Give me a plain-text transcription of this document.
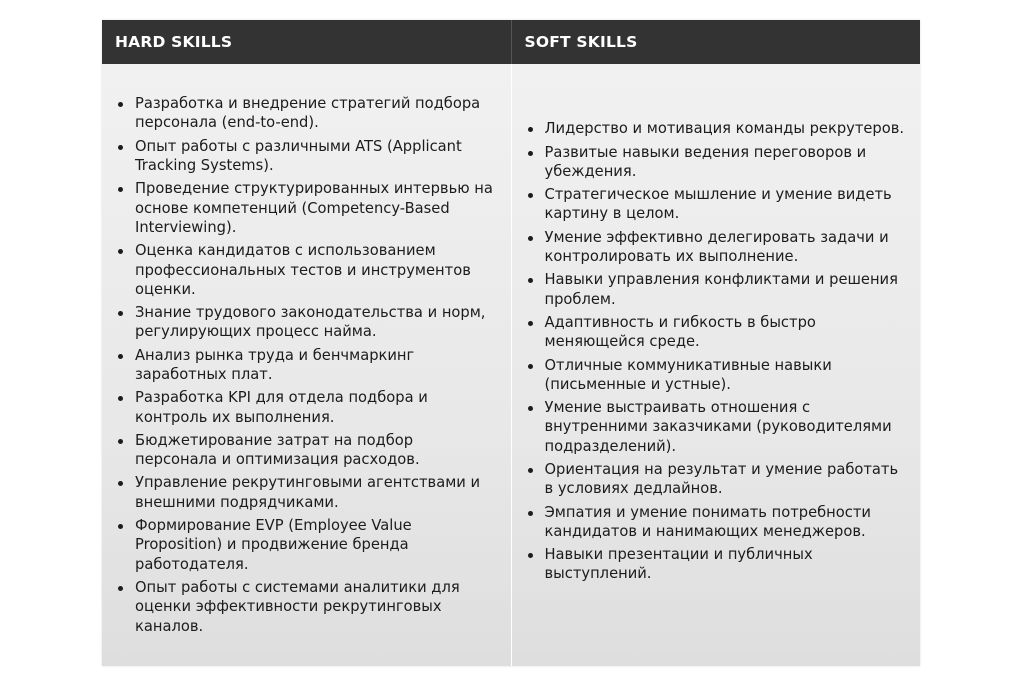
HARD SKILLS	SOFT SKILLS
Разработка и внедрение стратегий подбора персонала (end-to-end).
Опыт работы с различными ATS (Applicant Tracking Systems).
Проведение структурированных интервью на основе компетенций (Competency-Based Interviewing).
Оценка кандидатов с использованием профессиональных тестов и инструментов оценки.
Знание трудового законодательства и норм, регулирующих процесс найма.
Анализ рынка труда и бенчмаркинг заработных плат.
Разработка KPI для отдела подбора и контроль их выполнения.
Бюджетирование затрат на подбор персонала и оптимизация расходов.
Управление рекрутинговыми агентствами и внешними подрядчиками.
Формирование EVP (Employee Value Proposition) и продвижение бренда работодателя.
Опыт работы с системами аналитики для оценки эффективности рекрутинговых каналов.
Лидерство и мотивация команды рекрутеров.
Развитые навыки ведения переговоров и убеждения.
Стратегическое мышление и умение видеть картину в целом.
Умение эффективно делегировать задачи и контролировать их выполнение.
Навыки управления конфликтами и решения проблем.
Адаптивность и гибкость в быстро меняющейся среде.
Отличные коммуникативные навыки (письменные и устные).
Умение выстраивать отношения с внутренними заказчиками (руководителями подразделений).
Ориентация на результат и умение работать в условиях дедлайнов.
Эмпатия и умение понимать потребности кандидатов и нанимающих менеджеров.
Навыки презентации и публичных выступлений.
